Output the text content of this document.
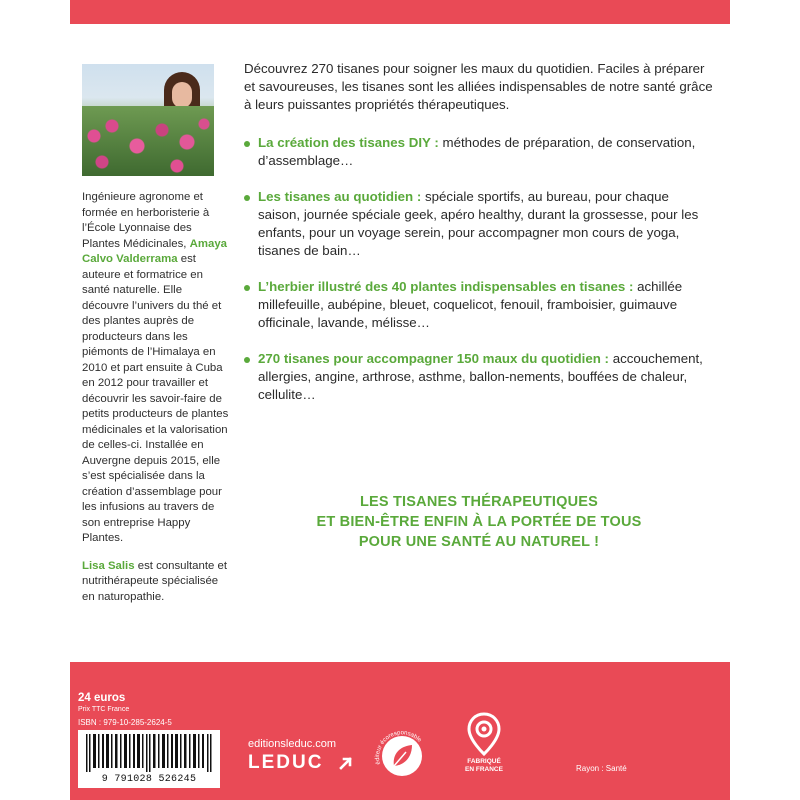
Ingénieure agronome et formée en herboristerie à l’École Lyonnaise des Plantes Médicinales, Amaya Calvo Valderrama est auteure et formatrice en santé naturelle. Elle découvre l’univers du thé et des plantes auprès de producteurs dans les piémonts de l’Himalaya en 2010 et part ensuite à Cuba en 2012 pour travailler et découvrir les savoir-faire de petits producteurs de plantes médicinales et la valorisation de celles-ci. Installée en Auvergne depuis 2015, elle s’est spécialisée dans la création d’assemblage pour les infusions au travers de son entreprise Happy Plantes.

Lisa Salis est consultante et nutrithérapeute spécialisée en naturopathie.

Découvrez 270 tisanes pour soigner les maux du quotidien. Faciles à préparer et savoureuses, les tisanes sont les alliées indispensables de notre santé grâce à leurs puissantes propriétés thérapeutiques.

La création des tisanes DIY : méthodes de préparation, de conservation, d’assemblage…
Les tisanes au quotidien : spéciale sportifs, au bureau, pour chaque saison, journée spéciale geek, apéro healthy, durant la grossesse, pour les enfants, pour un voyage serein, pour accompagner mon cours de yoga, tisanes de bain…
L’herbier illustré des 40 plantes indispensables en tisanes : achillée millefeuille, aubépine, bleuet, coquelicot, fenouil, framboisier, guimauve officinale, lavande, mélisse…
270 tisanes pour accompagner 150 maux du quotidien : accouchement, allergies, angine, arthrose, asthme, ballon-nements, bouffées de chaleur, cellulite…
LES TISANES THÉRAPEUTIQUES
ET BIEN-ÊTRE ENFIN À LA PORTÉE DE TOUS
POUR UNE SANTÉ AU NATUREL !
24 euros
Prix TTC France
ISBN : 979-10-285-2624-5
9 791028 526245
editionsleduc.com
LEDUC	éditeur écoresponsable
FABRIQUÉ
EN FRANCE	Rayon : Santé
